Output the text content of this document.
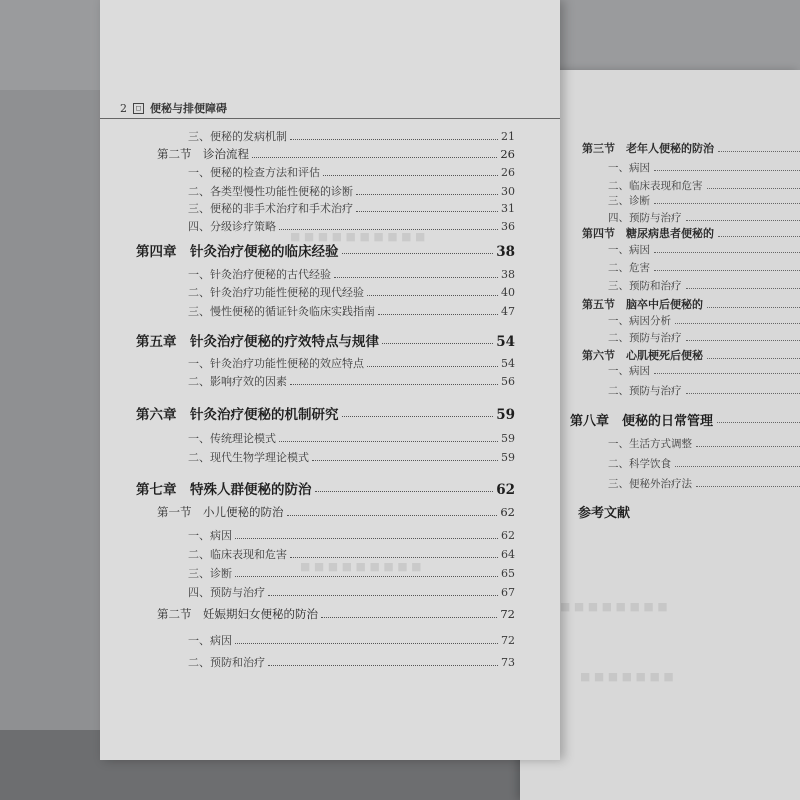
■ ■ ■ ■ ■ ■ ■ ■
■ ■ ■ ■ ■ ■ ■
第三节　老年人便秘的防治
一、病因
二、临床表现和危害
三、诊断
四、预防与治疗
第四节　糖尿病患者便秘的
一、病因
二、危害
三、预防和治疗
第五节　脑卒中后便秘的
一、病因分析
二、预防与治疗
第六节　心肌梗死后便秘
一、病因
二、预防与治疗
第八章　便秘的日常管理
一、生活方式调整
二、科学饮食
三、便秘外治疗法
参考文献
2	◻ 便秘与排便障碍
■ ■ ■ ■ ■ ■ ■ ■ ■ ■
■ ■ ■ ■ ■ ■ ■ ■ ■
三、便秘的发病机制	21
第二节　诊治流程	26
一、便秘的检查方法和评估	26
二、各类型慢性功能性便秘的诊断	30
三、便秘的非手术治疗和手术治疗	31
四、分级诊疗策略	36
第四章　针灸治疗便秘的临床经验	38
一、针灸治疗便秘的古代经验	38
二、针灸治疗功能性便秘的现代经验	40
三、慢性便秘的循证针灸临床实践指南	47
第五章　针灸治疗便秘的疗效特点与规律	54
一、针灸治疗功能性便秘的效应特点	54
二、影响疗效的因素	56
第六章　针灸治疗便秘的机制研究	59
一、传统理论模式	59
二、现代生物学理论模式	59
第七章　特殊人群便秘的防治	62
第一节　小儿便秘的防治	62
一、病因	62
二、临床表现和危害	64
三、诊断	65
四、预防与治疗	67
第二节　妊娠期妇女便秘的防治	72
一、病因	72
二、预防和治疗	73
